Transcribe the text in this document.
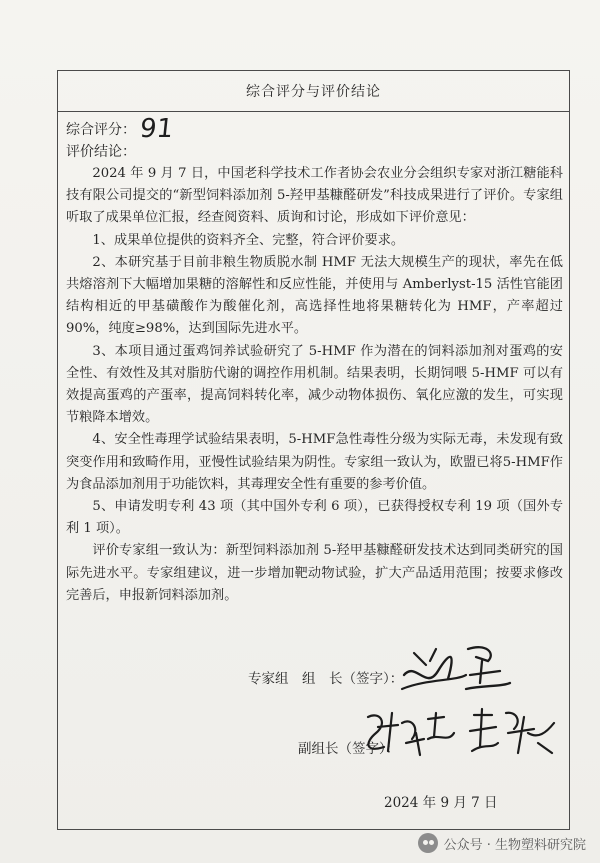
综合评分与评价结论
综合评分： 91
评价结论：

2024 年 9 月 7 日，中国老科学技术工作者协会农业分会组织专家对浙江糖能科技有限公司提交的“新型饲料添加剂 5-羟甲基糠醛研发”科技成果进行了评价。专家组听取了成果单位汇报，经查阅资料、质询和讨论，形成如下评价意见：

1、成果单位提供的资料齐全、完整，符合评价要求。

2、本研究基于目前非粮生物质脱水制 HMF 无法大规模生产的现状，率先在低共熔溶剂下大幅增加果糖的溶解性和反应性能，并使用与 Amberlyst-15 活性官能团结构相近的甲基磺酸作为酸催化剂，高选择性地将果糖转化为 HMF，产率超过 90%，纯度≥98%，达到国际先进水平。

3、本项目通过蛋鸡饲养试验研究了 5-HMF 作为潜在的饲料添加剂对蛋鸡的安全性、有效性及其对脂肪代谢的调控作用机制。结果表明，长期饲喂 5-HMF 可以有效提高蛋鸡的产蛋率，提高饲料转化率，减少动物体损伤、氧化应激的发生，可实现节粮降本增效。

4、安全性毒理学试验结果表明，5-HMF急性毒性分级为实际无毒，未发现有致突变作用和致畸作用，亚慢性试验结果为阴性。专家组一致认为，欧盟已将5-HMF作为食品添加剂用于功能饮料，其毒理安全性有重要的参考价值。

5、申请发明专利 43 项（其中国外专利 6 项），已获得授权专利 19 项（国外专利 1 项）。

评价专家组一致认为：新型饲料添加剂 5-羟甲基糠醛研发技术达到同类研究的国际先进水平。专家组建议，进一步增加靶动物试验，扩大产品适用范围；按要求修改完善后，申报新饲料添加剂。

专家组　组　长（签字）：
副组长（签字）：
2024 年 9 月 7 日
公众号 · 生物塑料研究院
